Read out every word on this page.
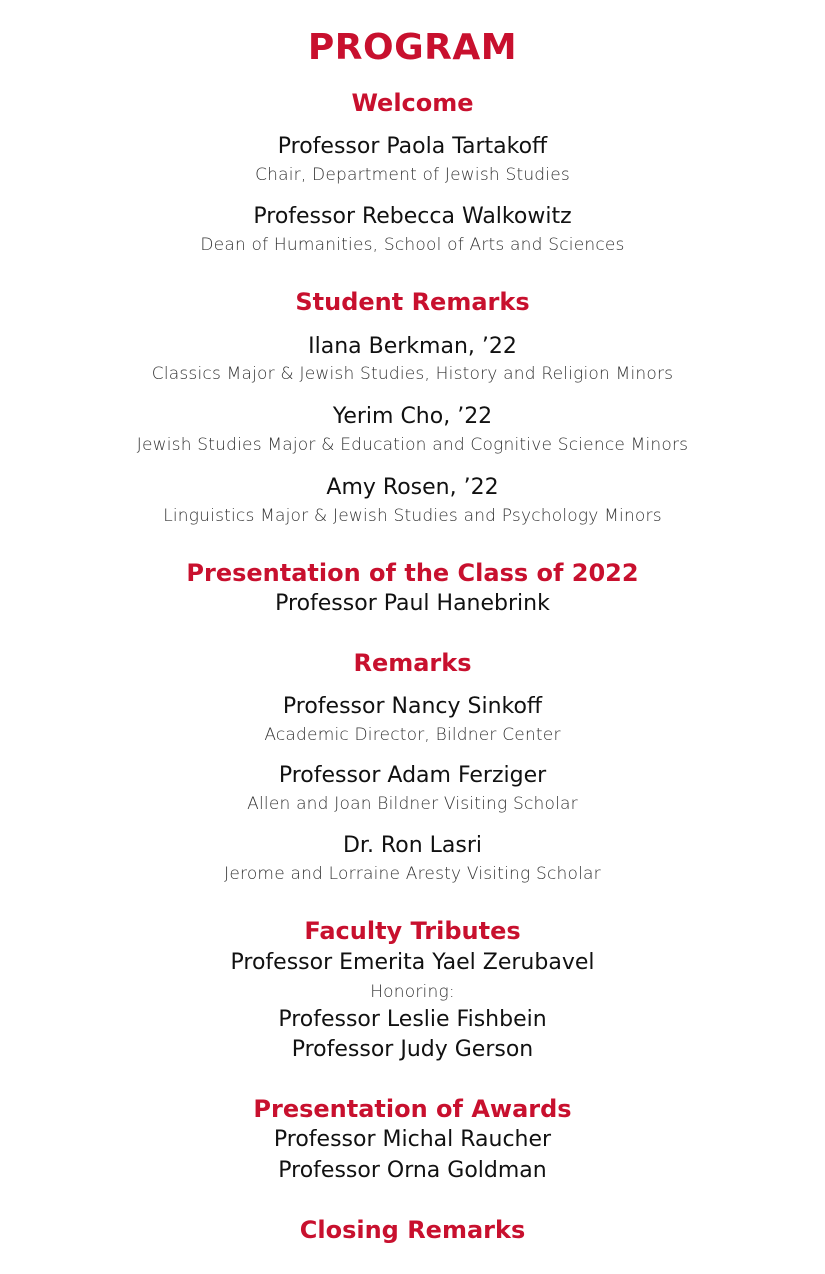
PROGRAM
Welcome
Professor Paola Tartakoff
Chair, Department of Jewish Studies
Professor Rebecca Walkowitz
Dean of Humanities, School of Arts and Sciences
Student Remarks
Ilana Berkman, ’22
Classics Major & Jewish Studies, History and Religion Minors
Yerim Cho, ’22
Jewish Studies Major & Education and Cognitive Science Minors
Amy Rosen, ’22
Linguistics Major & Jewish Studies and Psychology Minors
Presentation of the Class of 2022
Professor Paul Hanebrink
Remarks
Professor Nancy Sinkoff
Academic Director, Bildner Center
Professor Adam Ferziger
Allen and Joan Bildner Visiting Scholar
Dr. Ron Lasri
Jerome and Lorraine Aresty Visiting Scholar
Faculty Tributes
Professor Emerita Yael Zerubavel
Honoring:
Professor Leslie Fishbein
Professor Judy Gerson
Presentation of Awards
Professor Michal Raucher
Professor Orna Goldman
Closing Remarks
